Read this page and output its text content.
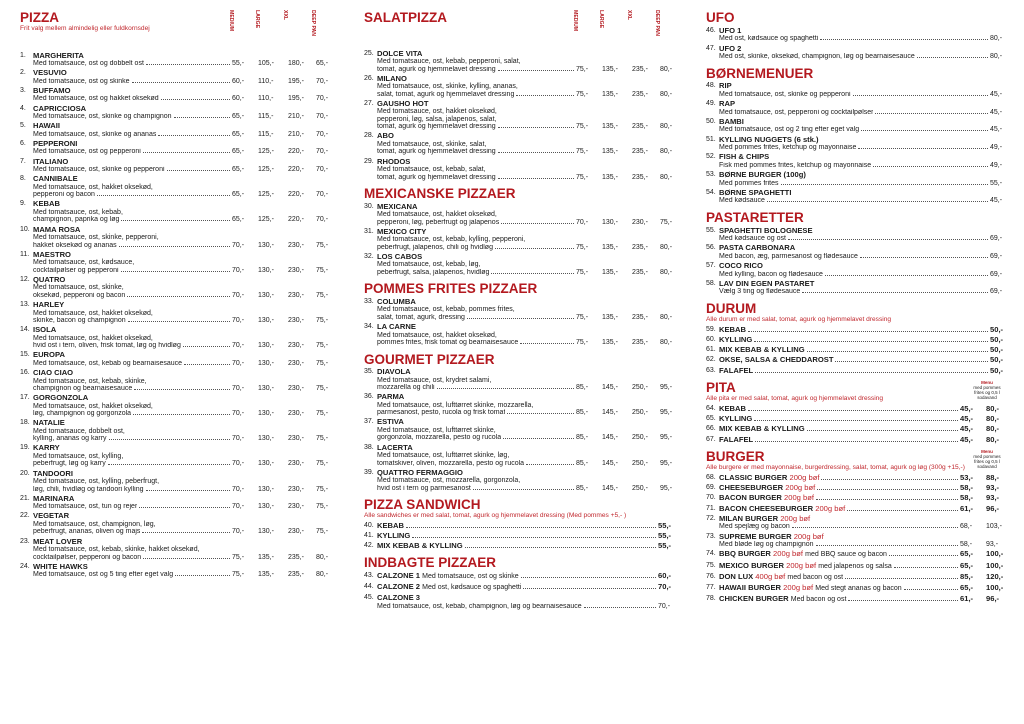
PIZZA
Frit valg mellem almindelig eller fuldkornsdej	MEDIUM	LARGE	XXL	DEEP PAN
1. MARGHERITA
Med tomatsauce, ost og dobbelt ost	55,-	105,-	180,-	65,-
2. VESUVIO
Med tomatsauce, ost og skinke	60,-	110,-	195,-	70,-
3. BUFFAMO
Med tomatsauce, ost og hakket oksekød	60,-	110,-	195,-	70,-
4. CAPRICCIOSA
Med tomatsauce, ost, skinke og champignon	65,-	115,-	210,-	70,-
5. HAWAII
Med tomatsauce, ost, skinke og ananas	65,-	115,-	210,-	70,-
6. PEPPERONI
Med tomatsauce, ost og pepperoni	65,-	125,-	220,-	70,-
7. ITALIANO
Med tomatsauce, ost, skinke og pepperoni	65,-	125,-	220,-	70,-
8. CANNIBALE
Med tomatsauce, ost, hakket oksekød,
pepperoni og bacon	65,-	125,-	220,-	70,-
9. KEBAB
Med tomatsauce, ost, kebab,
champignon, paprika og løg	65,-	125,-	220,-	70,-
10. MAMA ROSA
Med tomatsauce, ost, skinke, pepperoni,
hakket oksekød og ananas	70,-	130,-	230,-	75,-
11. MAESTRO
Med tomatsauce, ost, kødsauce,
cocktailpølser og pepperoni	70,-	130,-	230,-	75,-
12. QUATRO
Med tomatsauce, ost, skinke,
oksekød, pepperoni og bacon	70,-	130,-	230,-	75,-
13. HARLEY
Med tomatsauce, ost, hakket oksekød,
skinke, bacon og champignon	70,-	130,-	230,-	75,-
14. ISOLA
Med tomatsauce, ost, hakket oksekød,
hvid ost i tern, oliven, frisk tomat, løg og hvidløg	70,-	130,-	230,-	75,-
15. EUROPA
Med tomatsauce, ost, kebab og bearnaisesauce	70,-	130,-	230,-	75,-
16. CIAO CIAO
Med tomatsauce, ost, kebab, skinke,
champignon og bearnaisesauce	70,-	130,-	230,-	75,-
17. GORGONZOLA
Med tomatsauce, ost, hakket oksekød,
løg, champignon og gorgonzola	70,-	130,-	230,-	75,-
18. NATALIE
Med tomatsauce, dobbelt ost,
kylling, ananas og karry	70,-	130,-	230,-	75,-
19. KARRY
Med tomatsauce, ost, kylling,
peberfrugt, løg og karry	70,-	130,-	230,-	75,-
20. TANDOORI
Med tomatsauce, ost, kylling, peberfrugt,
løg, chili, hvidløg og tandoori kylling	70,-	130,-	230,-	75,-
21. MARINARA
Med tomatsauce, ost, tun og rejer	70,-	130,-	230,-	75,-
22. VEGETAR
Med tomatsauce, ost, champignon, løg,
peberfrugt, ananas, oliven og majs	70,-	130,-	230,-	75,-
23. MEAT LOVER
Med tomatsauce, ost, kebab, skinke, hakket oksekød,
cocktailpølser, pepperoni og bacon	75,-	135,-	235,-	80,-
24. WHITE HAWKS
Med tomatsauce, ost og 5 ting efter eget valg	75,-	135,-	235,-	80,-
SALATPIZZA	MEDIUM	LARGE	XXL	DEEP PAN
25. DOLCE VITA
Med tomatsauce, ost, kebab, pepperoni, salat,
tomat, agurk og hjemmelavet dressing	75,-	135,-	235,-	80,-
26. MILANO
Med tomatsauce, ost, skinke, kylling, ananas,
salat, tomat, agurk og hjemmelavet dressing	75,-	135,-	235,-	80,-
27. GAUSHO HOT
Med tomatsauce, ost, hakket oksekød,
pepperoni, løg, salsa, jalapenos, salat,
tomat, agurk og hjemmelavet dressing	75,-	135,-	235,-	80,-
28. ABO
Med tomatsauce, ost, skinke, salat,
tomat, agurk og hjemmelavet dressing	75,-	135,-	235,-	80,-
29. RHODOS
Med tomatsauce, ost, kebab, salat,
tomat, agurk og hjemmelavet dressing	75,-	135,-	235,-	80,-
MEXICANSKE PIZZAER
30. MEXICANA
Med tomatsauce, ost, hakket oksekød,
pepperoni, løg, peberfrugt og jalapenos	70,-	130,-	230,-	75,-
31. MEXICO CITY
Med tomatsauce, ost, kebab, kylling, pepperoni,
peberfrugt, jalapenos, chili og hvidløg	75,-	135,-	235,-	80,-
32. LOS CABOS
Med tomatsauce, ost, kebab, løg,
peberfrugt, salsa, jalapenos, hvidløg	75,-	135,-	235,-	80,-
POMMES FRITES PIZZAER
33. COLUMBA
Med tomatsauce, ost, kebab, pommes frites,
salat, tomat, agurk, dressing	75,-	135,-	235,-	80,-
34. LA CARNE
Med tomatsauce, ost, hakket oksekød,
pommes frites, frisk tomat og bearnaisesauce	75,-	135,-	235,-	80,-
GOURMET PIZZAER
35. DIAVOLA
Med tomatsauce, ost, krydret salami,
mozzarella og chili	85,-	145,-	250,-	95,-
36. PARMA
Med tomatsauce, ost, lufttørret skinke, mozzarella,
parmesanost, pesto, rucola og frisk tomat	85,-	145,-	250,-	95,-
37. ESTIVA
Med tomatsauce, ost, lufttørret skinke,
gorgonzola, mozzarella, pesto og rucola	85,-	145,-	250,-	95,-
38. LACERTA
Med tomatsauce, ost, lufttørret skinke, løg,
tomatskiver, oliven, mozzarella, pesto og rucola	85,-	145,-	250,-	95,-
39. QUATTRO FERMAGGIO
Med tomatsauce, ost, mozzarella, gorgonzola,
hvid ost i tern og parmesanost	85,-	145,-	250,-	95,-
PIZZA SANDWICH
Alle sandwiches er med salat, tomat, agurk og hjemmelavet dressing (Med pommes +5,- )
40. KEBAB	55,-
41. KYLLING	55,-
42. MIX KEBAB & KYLLING	55,-
INDBAGTE PIZZAER
43. CALZONE 1 Med tomatsauce, ost og skinke	60,-
44. CALZONE 2 Med ost, kødsauce og spaghetti	70,-
45. CALZONE 3
Med tomatsauce, ost, kebab, champignon, løg og bearnaisesauce	70,-
UFO
46. UFO 1
Med ost, kødsauce og spaghetti	80,-
47. UFO 2
Med ost, skinke, oksekød, champignon, løg og bearnaisesauce	80,-
BØRNEMENUER
48. RIP
Med tomatsauce, ost, skinke og pepperoni	45,-
49. RAP
Med tomatsauce, ost, pepperoni og cocktailpølser	45,-
50. BAMBI
Med tomatsauce, ost og 2 ting efter eget valg	45,-
51. KYLLING NUGGETS (6 stk.)
Med pommes frites, ketchup og mayonnaise	49,-
52. FISH & CHIPS
Fisk med pommes frites, ketchup og mayonnaise	49,-
53. BØRNE BURGER (100g)
Med pommes frites	55,-
54. BØRNE SPAGHETTI
Med kødsauce	45,-
PASTARETTER
55. SPAGHETTI BOLOGNESE
Med kødsauce og ost	69,-
56. PASTA CARBONARA
Med bacon, æg, parmesanost og flødesauce	69,-
57. COCO RICO
Med kylling, bacon og flødesauce	69,-
58. LAV DIN EGEN PASTARET
Vælg 3 ting og flødesauce	69,-
DURUM
Alle durum er med salat, tomat, agurk og hjemmelavet dressing
59. KEBAB	50,-
60. KYLLING	50,-
61. MIX KEBAB & KYLLING	50,-
62. OKSE, SALSA & CHEDDAROST	50,-
63. FALAFEL	50,-
PITA
Alle pita er med salat, tomat, agurk og hjemmelavet dressing
Menu
med pommes frites og 0,5 l sodavand
64. KEBAB	45,-	80,-
65. KYLLING	45,-	80,-
66. MIX KEBAB & KYLLING	45,-	80,-
67. FALAFEL	45,-	80,-
BURGER
Alle burgere er med mayonnaise, burgerdressing, salat, tomat, agurk og løg (300g +15,-)
Menu
med pommes frites og 0,5 l sodavand
68. CLASSIC BURGER 200g bøf	53,-	88,-
69. CHEESEBURGER 200g bøf	58,-	93,-
70. BACON BURGER 200g bøf	58,-	93,-
71. BACON CHEESEBURGER 200g bøf	61,-	96,-
72. MILAN BURGER 200g bøf
Med spejlæg og bacon	68,-	103,-
73. SUPREME BURGER 200g bøf
Med bløde løg og champignon	58,-	93,-
74. BBQ BURGER 200g bøf med BBQ sauce og bacon	65,-	100,-
75. MEXICO BURGER 200g bøf med jalapenos og salsa	65,-	100,-
76. DON LUX 400g bøf med bacon og ost	85,-	120,-
77. HAWAII BURGER 200g bøf Med stegt ananas og bacon	65,-	100,-
78. CHICKEN BURGER Med bacon og ost	61,-	96,-
